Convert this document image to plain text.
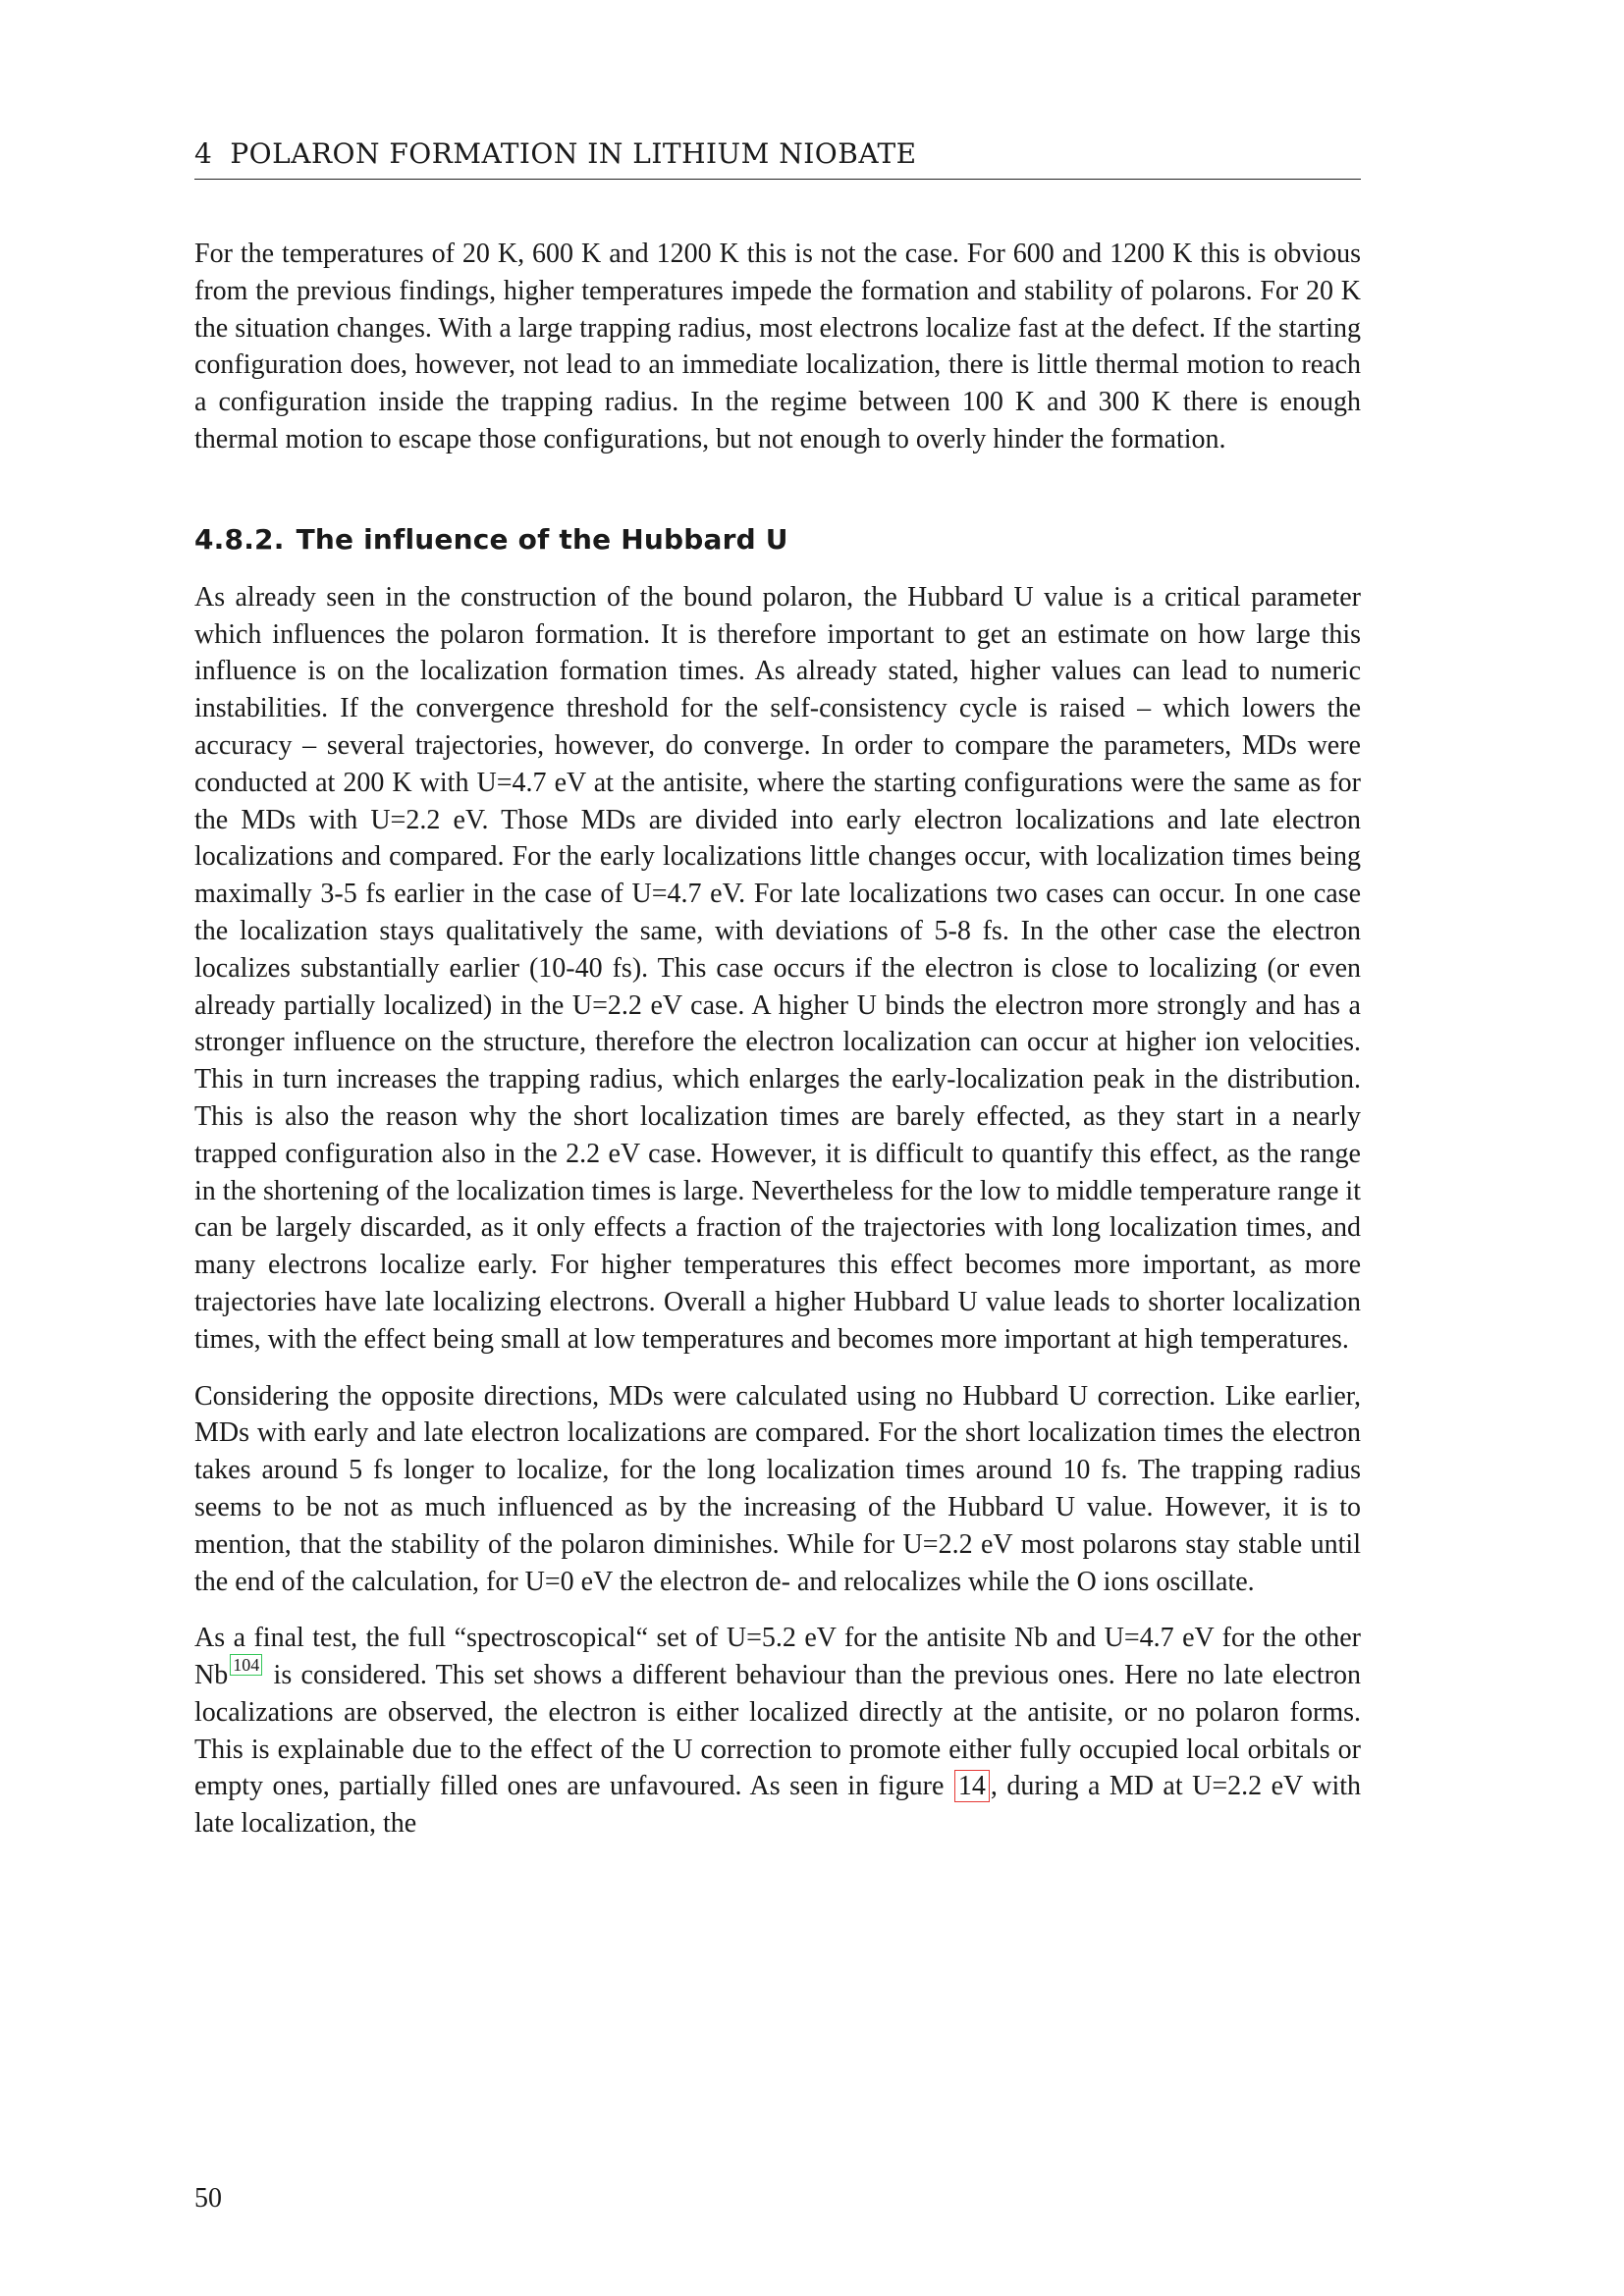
4 POLARON FORMATION IN LITHIUM NIOBATE

For the temperatures of 20 K, 600 K and 1200 K this is not the case. For 600 and 1200 K this is obvious from the previous findings, higher temperatures impede the formation and stability of polarons. For 20 K the situation changes. With a large trapping radius, most electrons localize fast at the defect. If the starting configuration does, however, not lead to an immediate localization, there is little thermal motion to reach a configuration inside the trapping radius. In the regime between 100 K and 300 K there is enough thermal motion to escape those configurations, but not enough to overly hinder the formation.

4.8.2. The influence of the Hubbard U

As already seen in the construction of the bound polaron, the Hubbard U value is a critical parameter which influences the polaron formation. It is therefore important to get an estimate on how large this influence is on the localization formation times. As already stated, higher values can lead to numeric instabilities. If the convergence threshold for the self-consistency cycle is raised – which lowers the accuracy – several trajectories, however, do converge. In order to compare the parameters, MDs were conducted at 200 K with U=4.7 eV at the antisite, where the starting configurations were the same as for the MDs with U=2.2 eV. Those MDs are divided into early electron localizations and late electron localizations and compared. For the early localizations little changes occur, with localization times being maximally 3-5 fs earlier in the case of U=4.7 eV. For late localizations two cases can occur. In one case the localization stays qualitatively the same, with deviations of 5-8 fs. In the other case the electron localizes substantially earlier (10-40 fs). This case occurs if the electron is close to localizing (or even already partially localized) in the U=2.2 eV case. A higher U binds the electron more strongly and has a stronger influence on the structure, therefore the electron localization can occur at higher ion velocities. This in turn increases the trapping radius, which enlarges the early-localization peak in the distribution. This is also the reason why the short localization times are barely effected, as they start in a nearly trapped configuration also in the 2.2 eV case. However, it is difficult to quantify this effect, as the range in the shortening of the localization times is large. Nevertheless for the low to middle temperature range it can be largely discarded, as it only effects a fraction of the trajectories with long localization times, and many electrons localize early. For higher temperatures this effect becomes more important, as more trajectories have late localizing electrons. Overall a higher Hubbard U value leads to shorter localization times, with the effect being small at low temperatures and becomes more important at high temperatures.

Considering the opposite directions, MDs were calculated using no Hubbard U correction. Like earlier, MDs with early and late electron localizations are compared. For the short localization times the electron takes around 5 fs longer to localize, for the long localization times around 10 fs. The trapping radius seems to be not as much influenced as by the increasing of the Hubbard U value. However, it is to mention, that the stability of the polaron diminishes. While for U=2.2 eV most polarons stay stable until the end of the calculation, for U=0 eV the electron de- and relocalizes while the O ions oscillate.

As a final test, the full “spectroscopical“ set of U=5.2 eV for the antisite Nb and U=4.7 eV for the other Nb $^{104}$ is considered. This set shows a different behaviour than the previous ones. Here no late electron localizations are observed, the electron is either localized directly at the antisite, or no polaron forms. This is explainable due to the effect of the U correction to promote either fully occupied local orbitals or empty ones, partially filled ones are unfavoured. As seen in figure 14 , during a MD at U=2.2 eV with late localization, the

50
